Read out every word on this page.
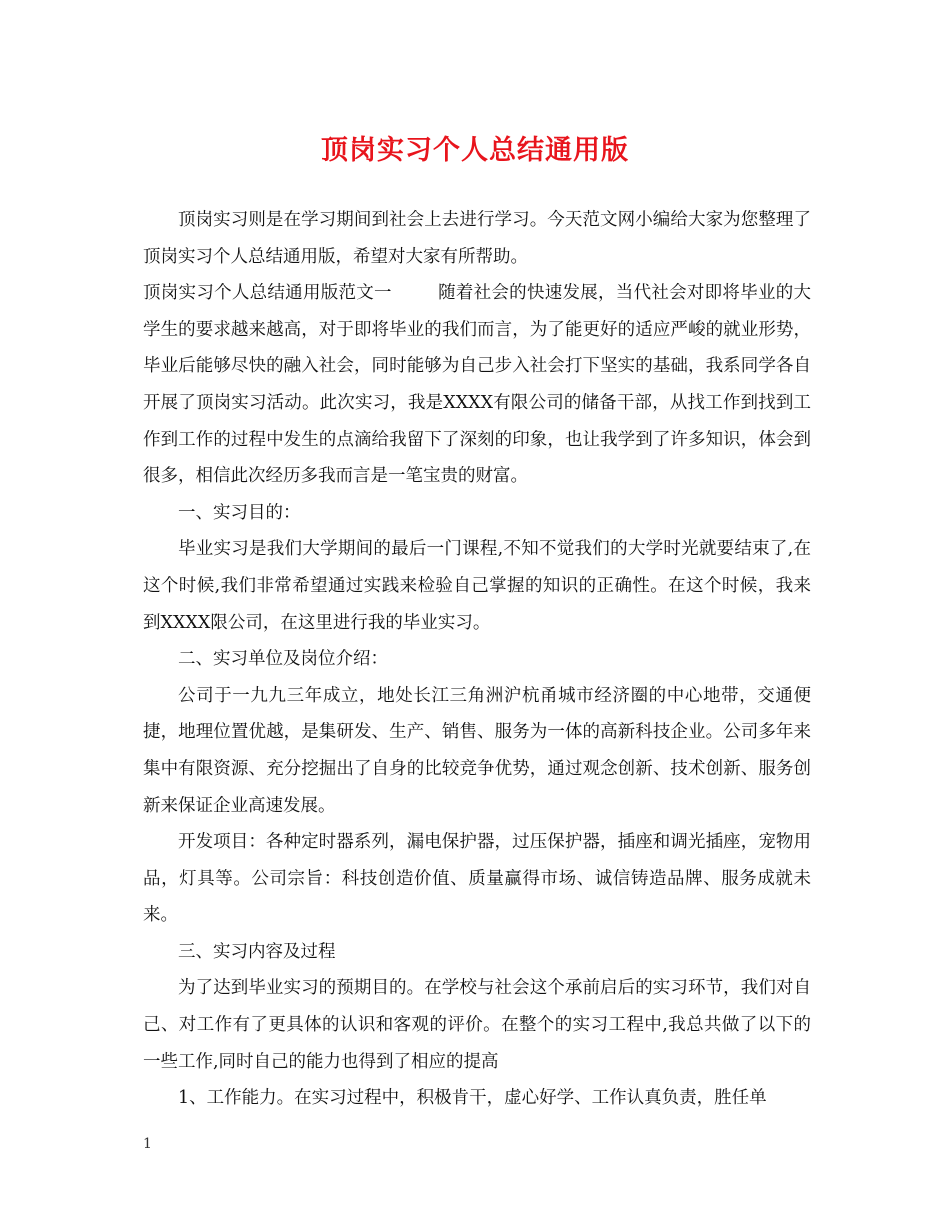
顶岗实习个人总结通用版

顶岗实习则是在学习期间到社会上去进行学习。今天范文网小编给大家为您整理了顶岗实习个人总结通用版，希望对大家有所帮助。

顶岗实习个人总结通用版范文一	随着社会的快速发展，当代社会对即将毕业的大学生的要求越来越高，对于即将毕业的我们而言，为了能更好的适应严峻的就业形势，毕业后能够尽快的融入社会，同时能够为自己步入社会打下坚实的基础，我系同学各自开展了顶岗实习活动。此次实习，我是XXXX有限公司的储备干部，从找工作到找到工作到工作的过程中发生的点滴给我留下了深刻的印象，也让我学到了许多知识，体会到很多，相信此次经历多我而言是一笔宝贵的财富。

一、实习目的：

毕业实习是我们大学期间的最后一门课程,不知不觉我们的大学时光就要结束了,在这个时候,我们非常希望通过实践来检验自己掌握的知识的正确性。在这个时候，我来到XXXX限公司，在这里进行我的毕业实习。

二、实习单位及岗位介绍：

公司于一九九三年成立，地处长江三角洲沪杭甬城市经济圈的中心地带，交通便捷，地理位置优越，是集研发、生产、销售、服务为一体的高新科技企业。公司多年来集中有限资源、充分挖掘出了自身的比较竞争优势，通过观念创新、技术创新、服务创新来保证企业高速发展。

开发项目：各种定时器系列，漏电保护器，过压保护器，插座和调光插座，宠物用品，灯具等。公司宗旨：科技创造价值、质量赢得市场、诚信铸造品牌、服务成就未来。

三、实习内容及过程

为了达到毕业实习的预期目的。在学校与社会这个承前启后的实习环节，我们对自己、对工作有了更具体的认识和客观的评价。在整个的实习工程中,我总共做了以下的一些工作,同时自己的能力也得到了相应的提高

1、工作能力。在实习过程中，积极肯干，虚心好学、工作认真负责，胜任单

1
